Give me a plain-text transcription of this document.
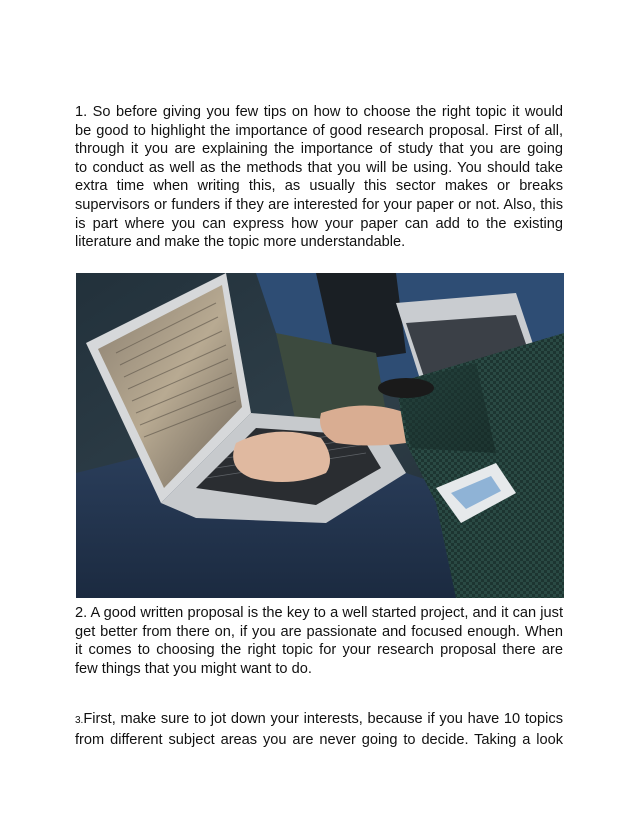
1. So before giving you few tips on how to choose the right topic it would
be good to highlight the importance of good research proposal. First of all,
through it you are explaining the importance of study that you are going
to conduct as well as the methods that you will be using. You should take
extra time when writing this, as usually this sector makes or breaks
supervisors or funders if they are interested for your paper or not. Also, this
is part where you can express how your paper can add to the existing
literature and make the topic more understandable.
2. A good written proposal is the key to a well started project, and it can just
get better from there on, if you are passionate and focused enough. When
it comes to choosing the right topic for your research proposal there are
few things that you might want to do.
3.First, make sure to jot down your interests, because if you have 10 topics
from different subject areas you are never going to decide. Taking a look
